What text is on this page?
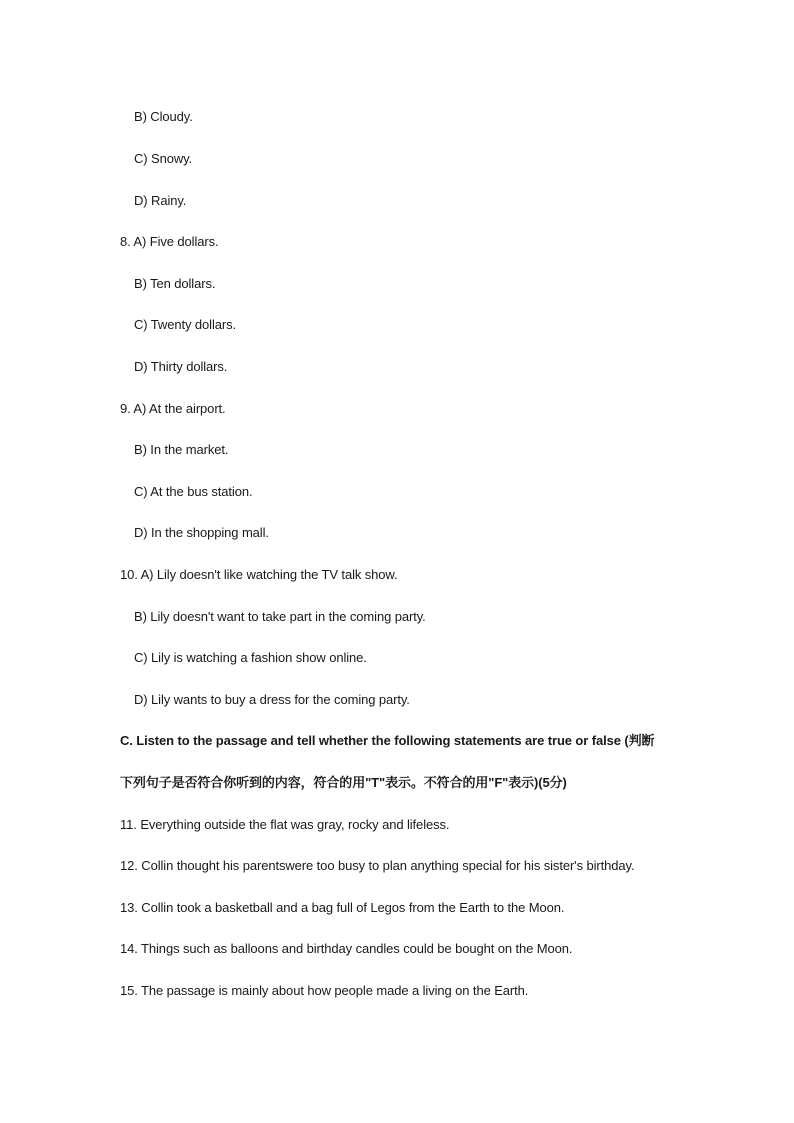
B) Cloudy.
C) Snowy.
D) Rainy.
8. A) Five dollars.
B) Ten dollars.
C) Twenty dollars.
D) Thirty dollars.
9. A) At the airport.
B) In the market.
C) At the bus station.
D) In the shopping mall.
10. A) Lily doesn't like watching the TV talk show.
B) Lily doesn't want to take part in the coming party.
C) Lily is watching a fashion show online.
D) Lily wants to buy a dress for the coming party.
C. Listen to the passage and tell whether the following statements are true or false (判断
下列句子是否符合你听到的内容，符合的用"T"表示。不符合的用"F"表示)(5分)
11. Everything outside the flat was gray, rocky and lifeless.
12. Collin thought his parentswere too busy to plan anything special for his sister's birthday.
13. Collin took a basketball and a bag full of Legos from the Earth to the Moon.
14. Things such as balloons and birthday candles could be bought on the Moon.
15. The passage is mainly about how people made a living on the Earth.
